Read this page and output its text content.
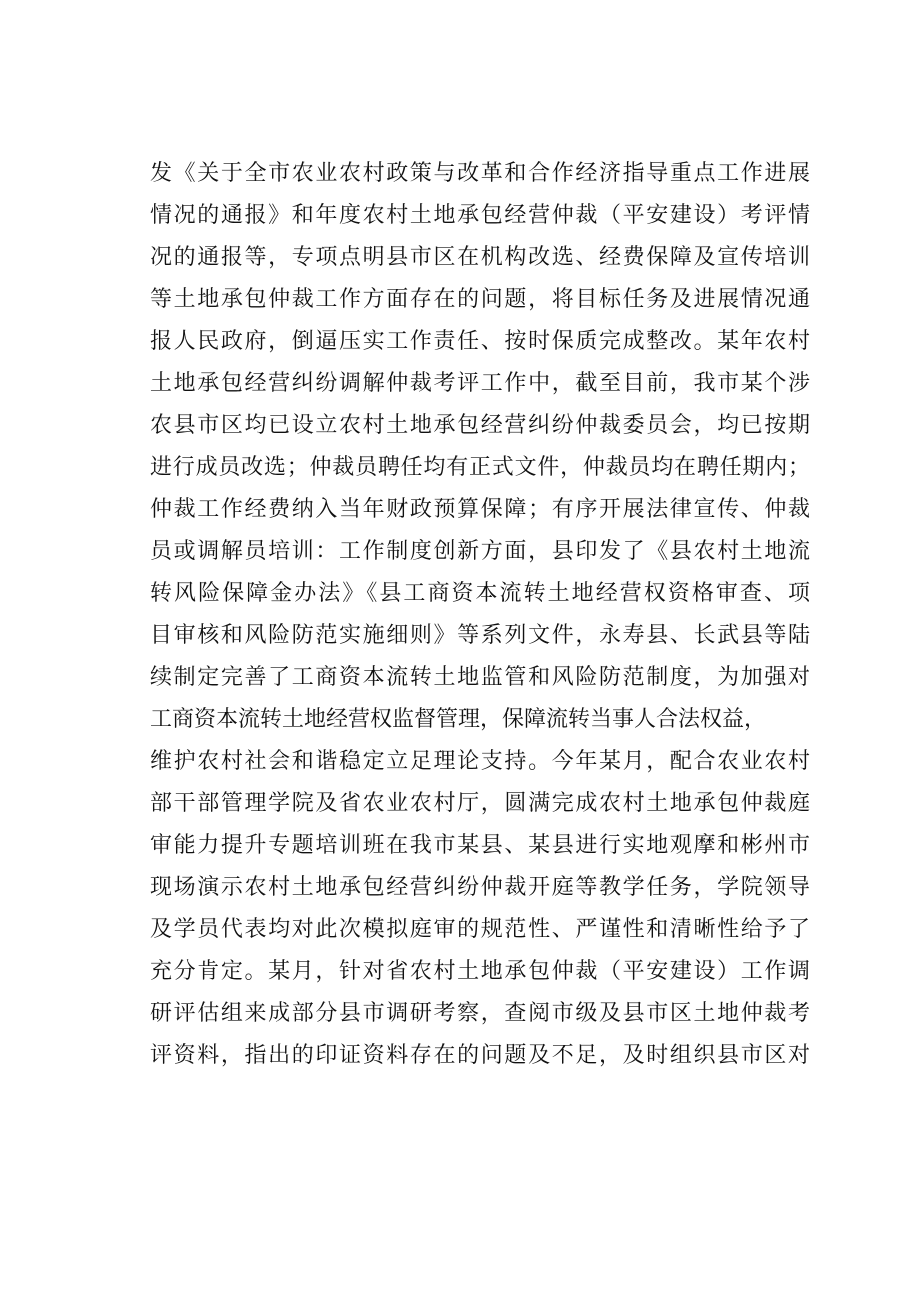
发《关于全市农业农村政策与改革和合作经济指导重点工作进展
情况的通报》和年度农村土地承包经营仲裁（平安建设）考评情
况的通报等，专项点明县市区在机构改选、经费保障及宣传培训
等土地承包仲裁工作方面存在的问题，将目标任务及进展情况通
报人民政府，倒逼压实工作责任、按时保质完成整改。某年农村
土地承包经营纠纷调解仲裁考评工作中，截至目前，我市某个涉
农县市区均已设立农村土地承包经营纠纷仲裁委员会，均已按期
进行成员改选；仲裁员聘任均有正式文件，仲裁员均在聘任期内；
仲裁工作经费纳入当年财政预算保障；有序开展法律宣传、仲裁
员或调解员培训：工作制度创新方面，县印发了《县农村土地流
转风险保障金办法》《县工商资本流转土地经营权资格审查、项
目审核和风险防范实施细则》等系列文件，永寿县、长武县等陆
续制定完善了工商资本流转土地监管和风险防范制度，为加强对
工商资本流转土地经营权监督管理，保障流转当事人合法权益，
维护农村社会和谐稳定立足理论支持。今年某月，配合农业农村
部干部管理学院及省农业农村厅，圆满完成农村土地承包仲裁庭
审能力提升专题培训班在我市某县、某县进行实地观摩和彬州市
现场演示农村土地承包经营纠纷仲裁开庭等教学任务，学院领导
及学员代表均对此次模拟庭审的规范性、严谨性和清晰性给予了
充分肯定。某月，针对省农村土地承包仲裁（平安建设）工作调
研评估组来成部分县市调研考察，查阅市级及县市区土地仲裁考
评资料，指出的印证资料存在的问题及不足，及时组织县市区对
